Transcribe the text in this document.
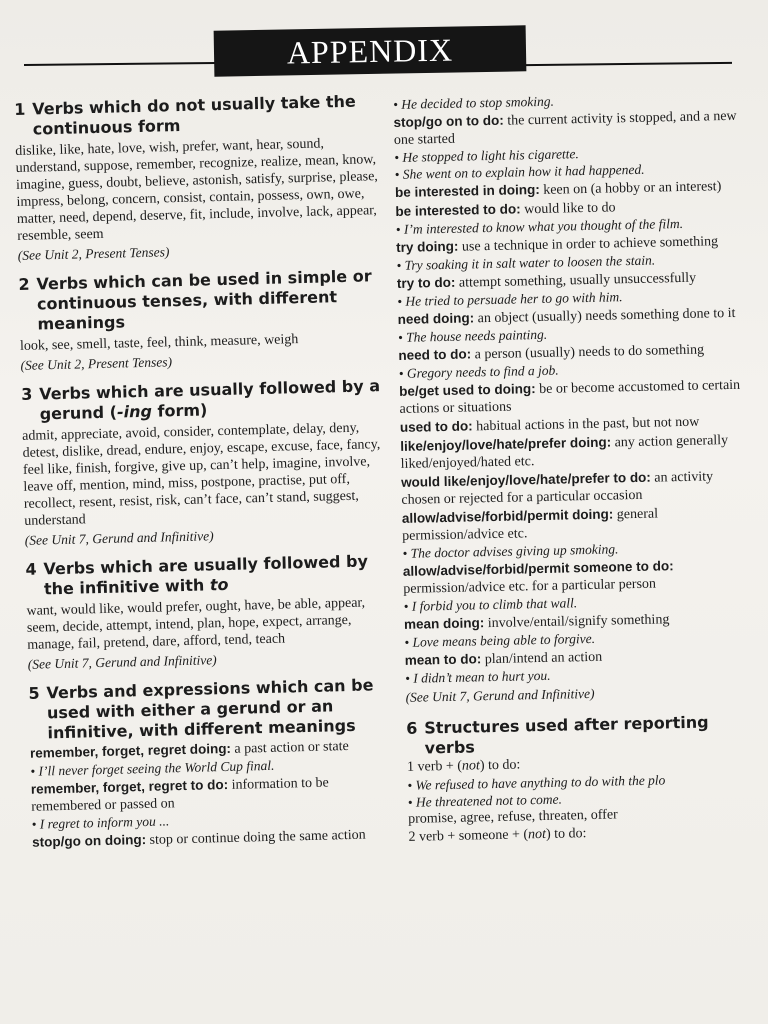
APPENDIX
1 Verbs which do not usually take the continuous form
dislike, like, hate, love, wish, prefer, want, hear, sound, understand, suppose, remember, recognize, realize, mean, know, imagine, guess, doubt, believe, astonish, satisfy, surprise, please, impress, belong, concern, consist, contain, possess, own, owe, matter, need, depend, deserve, fit, include, involve, lack, appear, resemble, seem
(See Unit 2, Present Tenses)
2 Verbs which can be used in simple or continuous tenses, with different meanings
look, see, smell, taste, feel, think, measure, weigh
(See Unit 2, Present Tenses)
3 Verbs which are usually followed by a gerund (-ing form)
admit, appreciate, avoid, consider, contemplate, delay, deny, detest, dislike, dread, endure, enjoy, escape, excuse, face, fancy, feel like, finish, forgive, give up, can’t help, imagine, involve, leave off, mention, mind, miss, postpone, practise, put off, recollect, resent, resist, risk, can’t face, can’t stand, suggest, understand
(See Unit 7, Gerund and Infinitive)
4 Verbs which are usually followed by the infinitive with to
want, would like, would prefer, ought, have, be able, appear, seem, decide, attempt, intend, plan, hope, expect, arrange, manage, fail, pretend, dare, afford, tend, teach
(See Unit 7, Gerund and Infinitive)
5 Verbs and expressions which can be used with either a gerund or an infinitive, with different meanings
remember, forget, regret doing: a past action or state
• I’ll never forget seeing the World Cup final.
remember, forget, regret to do: information to be remembered or passed on
• I regret to inform you ...
stop/go on doing: stop or continue doing the same action
• He decided to stop smoking.
stop/go on to do: the current activity is stopped, and a new one started
• He stopped to light his cigarette.
• She went on to explain how it had happened.
be interested in doing: keen on (a hobby or an interest)
be interested to do: would like to do
• I’m interested to know what you thought of the film.
try doing: use a technique in order to achieve something
• Try soaking it in salt water to loosen the stain.
try to do: attempt something, usually unsuccessfully
• He tried to persuade her to go with him.
need doing: an object (usually) needs something done to it
• The house needs painting.
need to do: a person (usually) needs to do something
• Gregory needs to find a job.
be/get used to doing: be or become accustomed to certain actions or situations
used to do: habitual actions in the past, but not now
like/enjoy/love/hate/prefer doing: any action generally liked/enjoyed/hated etc.
would like/enjoy/love/hate/prefer to do: an activity chosen or rejected for a particular occasion
allow/advise/forbid/permit doing: general permission/advice etc.
• The doctor advises giving up smoking.
allow/advise/forbid/permit someone to do: permission/advice etc. for a particular person
• I forbid you to climb that wall.
mean doing: involve/entail/signify something
• Love means being able to forgive.
mean to do: plan/intend an action
• I didn’t mean to hurt you.
(See Unit 7, Gerund and Infinitive)
6 Structures used after reporting verbs
1 verb + (not) to do:
• We refused to have anything to do with the plo
• He threatened not to come.
promise, agree, refuse, threaten, offer
2 verb + someone + (not) to do:
